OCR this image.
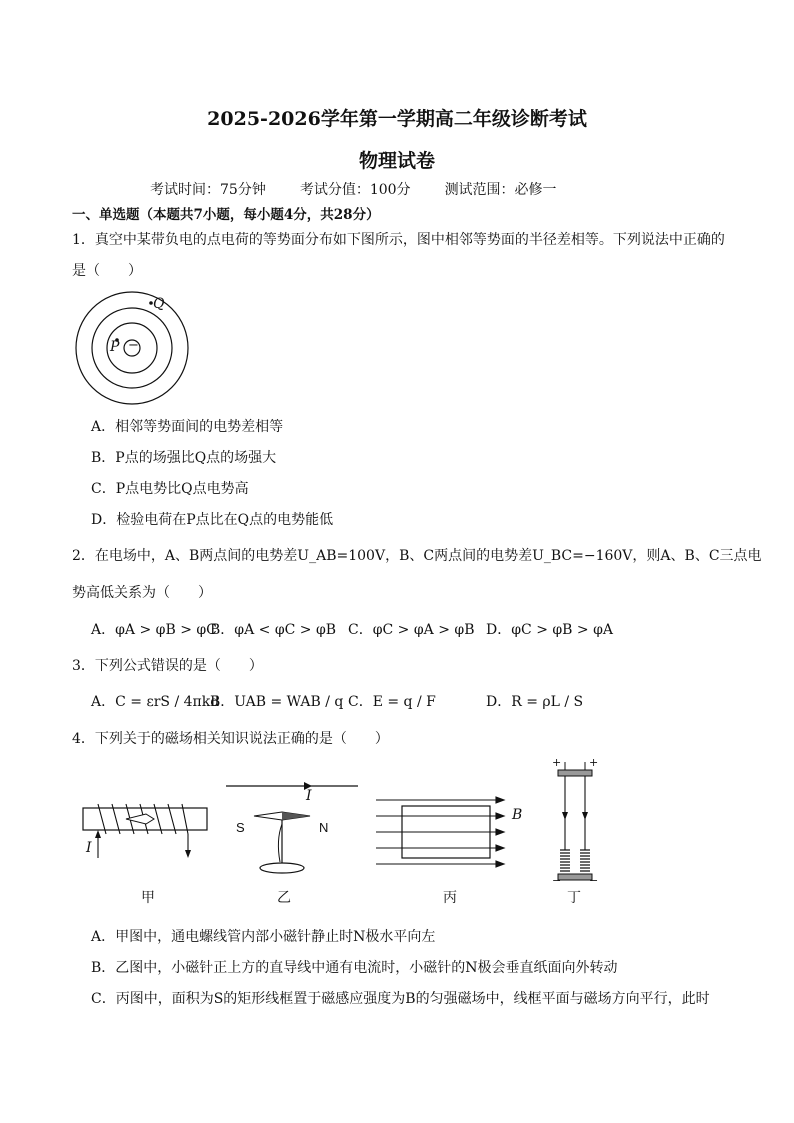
2025-2026学年第一学期高二年级诊断考试
物理试卷
考试时间：75分钟 考试分值：100分 测试范围：必修一
一、单选题（本题共7小题，每小题4分，共28分）
1．真空中某带负电的点电荷的等势面分布如下图所示，图中相邻等势面的半径差相等。下列说法中正确的
是（　　）
Q
P −
A．相邻等势面间的电势差相等
B．P点的场强比Q点的场强大
C．P点电势比Q点电势高
D．检验电荷在P点比在Q点的电势能低
2．在电场中，A、B两点间的电势差U_AB=100V，B、C两点间的电势差U_BC=−160V，则A、B、C三点电
势高低关系为（　　）
A．φA > φB > φC
B．φA < φC > φB C．φC > φA > φB D．φC > φB > φA
3．下列公式错误的是（　　）
A．C = εrS / 4πkd
B．UAB = WAB / q C．E = q / F	D．R = ρL / S
4．下列关于的磁场相关知识说法正确的是（　　）
I
I
S	N
B
+	+
−	−
甲	乙	丙	丁
A．甲图中，通电螺线管内部小磁针静止时N极水平向左
B．乙图中，小磁针正上方的直导线中通有电流时，小磁针的N极会垂直纸面向外转动
C．丙图中，面积为S的矩形线框置于磁感应强度为B的匀强磁场中，线框平面与磁场方向平行，此时
